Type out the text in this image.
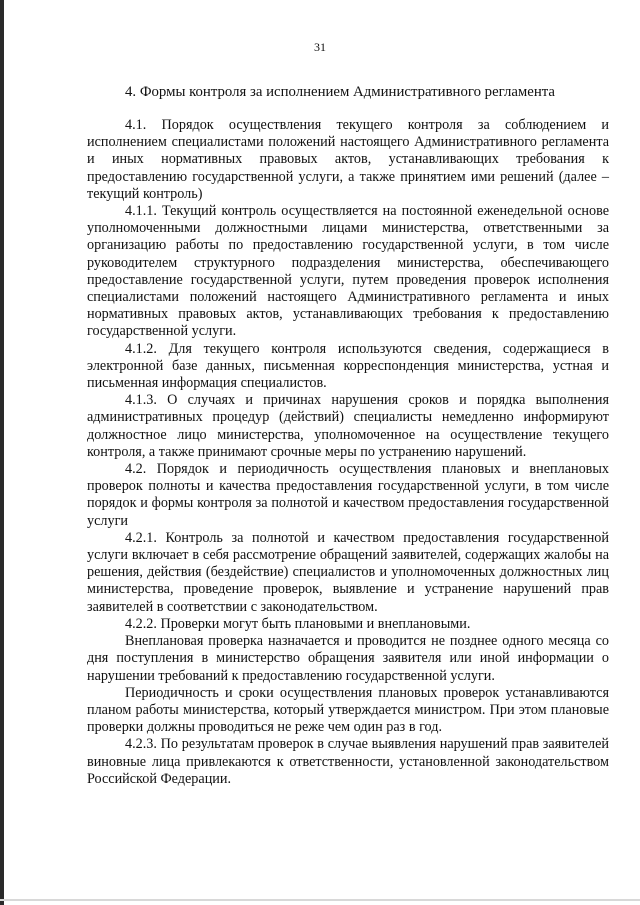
31
4. Формы контроля за исполнением Административного регламента

4.1. Порядок осуществления текущего контроля за соблюдением и исполнением специалистами положений настоящего Административного регламента и иных нормативных правовых актов, устанавливающих требования к предоставлению государственной услуги, а также принятием ими решений (далее – текущий контроль)

4.1.1. Текущий контроль осуществляется на постоянной еженедельной основе уполномоченными должностными лицами министерства, ответственными за организацию работы по предоставлению государственной услуги, в том числе руководителем структурного подразделения министерства, обеспечивающего предоставление государственной услуги, путем проведения проверок исполнения специалистами положений настоящего Административного регламента и иных нормативных правовых актов, устанавливающих требования к предоставлению государственной услуги.

4.1.2. Для текущего контроля используются сведения, содержащиеся в электронной базе данных, письменная корреспонденция министерства, устная и письменная информация специалистов.

4.1.3. О случаях и причинах нарушения сроков и порядка выполнения административных процедур (действий) специалисты немедленно информируют должностное лицо министерства, уполномоченное на осуществление текущего контроля, а также принимают срочные меры по устранению нарушений.

4.2. Порядок и периодичность осуществления плановых и внеплановых проверок полноты и качества предоставления государственной услуги, в том числе порядок и формы контроля за полнотой и качеством предоставления государственной услуги

4.2.1. Контроль за полнотой и качеством предоставления государственной услуги включает в себя рассмотрение обращений заявителей, содержащих жалобы на решения, действия (бездействие) специалистов и уполномоченных должностных лиц министерства, проведение проверок, выявление и устранение нарушений прав заявителей в соответствии с законодательством.

4.2.2. Проверки могут быть плановыми и внеплановыми.

Внеплановая проверка назначается и проводится не позднее одного месяца со дня поступления в министерство обращения заявителя или иной информации о нарушении требований к предоставлению государственной услуги.

Периодичность и сроки осуществления плановых проверок устанавливаются планом работы министерства, который утверждается министром. При этом плановые проверки должны проводиться не реже чем один раз в год.

4.2.3. По результатам проверок в случае выявления нарушений прав заявителей виновные лица привлекаются к ответственности, установленной законодательством Российской Федерации.
